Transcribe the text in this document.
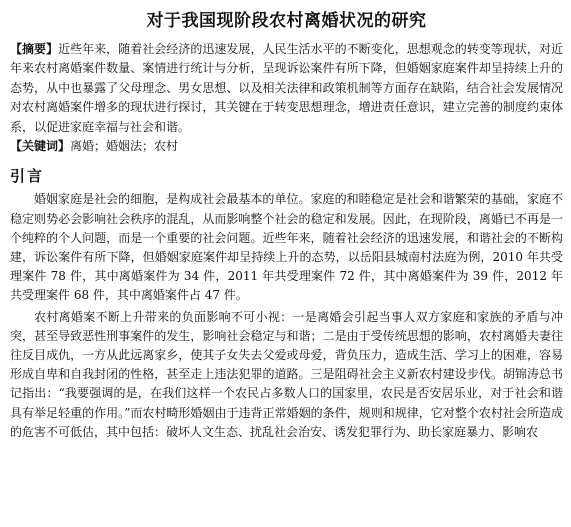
对于我国现阶段农村离婚状况的研究

【摘要】近些年来，随着社会经济的迅速发展，人民生活水平的不断变化，思想观念的转变等现状，对近年来农村离婚案件数量、案情进行统计与分析，呈现诉讼案件有所下降，但婚姻家庭案件却呈持续上升的态势，从中也暴露了父母理念、男女思想、以及相关法律和政策机制等方面存在缺陷，结合社会发展情况对农村离婚案件增多的现状进行探讨，其关键在于转变思想理念，增进责任意识，建立完善的制度约束体系，以促进家庭幸福与社会和谐。

【关键词】离婚；婚姻法；农村

引言

婚姻家庭是社会的细胞，是构成社会最基本的单位。家庭的和睦稳定是社会和谐繁荣的基础，家庭不稳定则势必会影响社会秩序的混乱，从而影响整个社会的稳定和发展。因此，在现阶段，离婚已不再是一个纯粹的个人问题，而是一个重要的社会问题。近些年来，随着社会经济的迅速发展，和谐社会的不断构建，诉讼案件有所下降，但婚姻家庭案件却呈持续上升的态势，以岳阳县城南村法庭为例，2010 年共受理案件 78 件，其中离婚案件为 34 件，2011 年共受理案件 72 件，其中离婚案件为 39 件，2012 年共受理案件 68 件，其中离婚案件占 47 件。

农村离婚案不断上升带来的负面影响不可小视：一是离婚会引起当事人双方家庭和家族的矛盾与冲突，甚至导致恶性刑事案件的发生，影响社会稳定与和谐；二是由于受传统思想的影响，农村离婚夫妻往往反目成仇，一方从此远离家乡，使其子女失去父爱或母爱，背负压力，造成生活、学习上的困难，容易形成自卑和自我封闭的性格，甚至走上违法犯罪的道路。三是阻碍社会主义新农村建设步伐。胡锦涛总书记指出：“我要强调的是，在我们这样一个农民占多数人口的国家里，农民是否安居乐业，对于社会和谐具有举足轻重的作用。”而农村畸形婚姻由于违背正常婚姻的条件，规则和规律，它对整个农村社会所造成的危害不可低估，其中包括：破坏人文生态、扰乱社会治安、诱发犯罪行为、助长家庭暴力、影响农
